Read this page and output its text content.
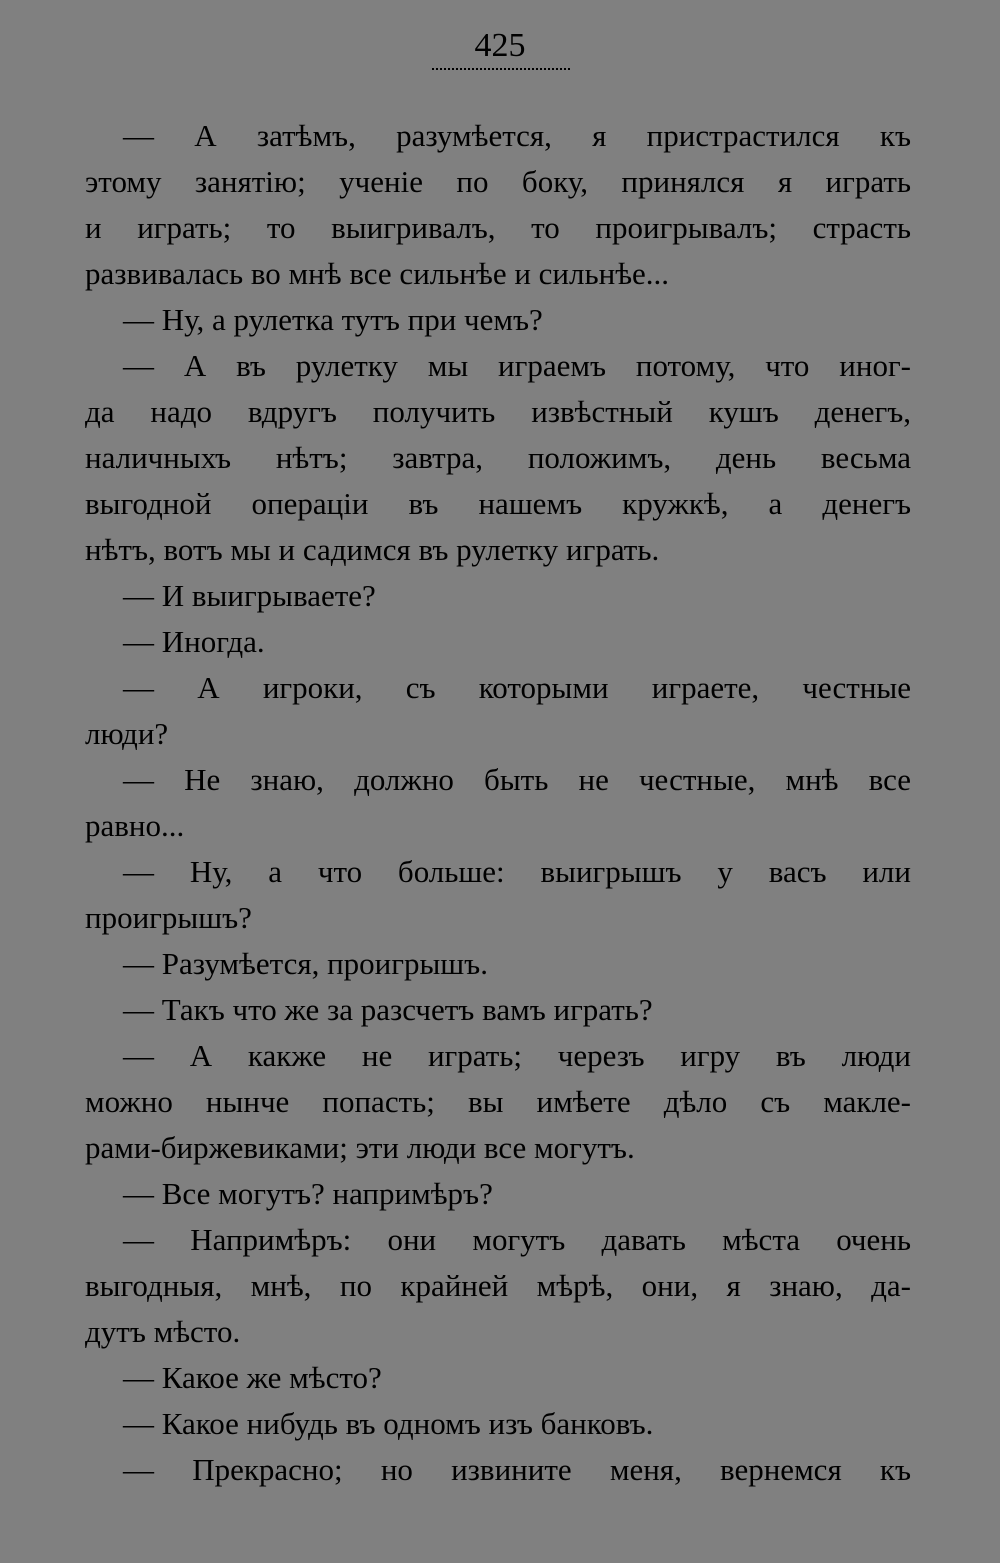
425
— А затѣмъ, разумѣется, я пристрастился къ
этому занятію; ученіе по боку, принялся я играть
и играть; то выигривалъ, то проигрывалъ; страсть
развивалась во мнѣ все сильнѣе и сильнѣе...
— Ну, а рулетка тутъ при чемъ?
— А въ рулетку мы играемъ потому, что иног-
да надо вдругъ получить извѣстный кушъ денегъ,
наличныхъ нѣтъ; завтра, положимъ, день весьма
выгодной операціи въ нашемъ кружкѣ, а денегъ
нѣтъ, вотъ мы и садимся въ рулетку играть.
— И выигрываете?
— Иногда.
— А игроки, съ которыми играете, честные
люди?
— Не знаю, должно быть не честные, мнѣ все
равно...
— Ну, а что больше: выигрышъ у васъ или
проигрышъ?
— Разумѣется, проигрышъ.
— Такъ что же за разсчетъ вамъ играть?
— А какже не играть; черезъ игру въ люди
можно нынче попасть; вы имѣете дѣло съ макле-
рами-биржевиками; эти люди все могутъ.
— Все могутъ? напримѣръ?
— Напримѣръ: они могутъ давать мѣста очень
выгодныя, мнѣ, по крайней мѣрѣ, они, я знаю, да-
дутъ мѣсто.
— Какое же мѣсто?
— Какое нибудь въ одномъ изъ банковъ.
— Прекрасно; но извините меня, вернемся къ
